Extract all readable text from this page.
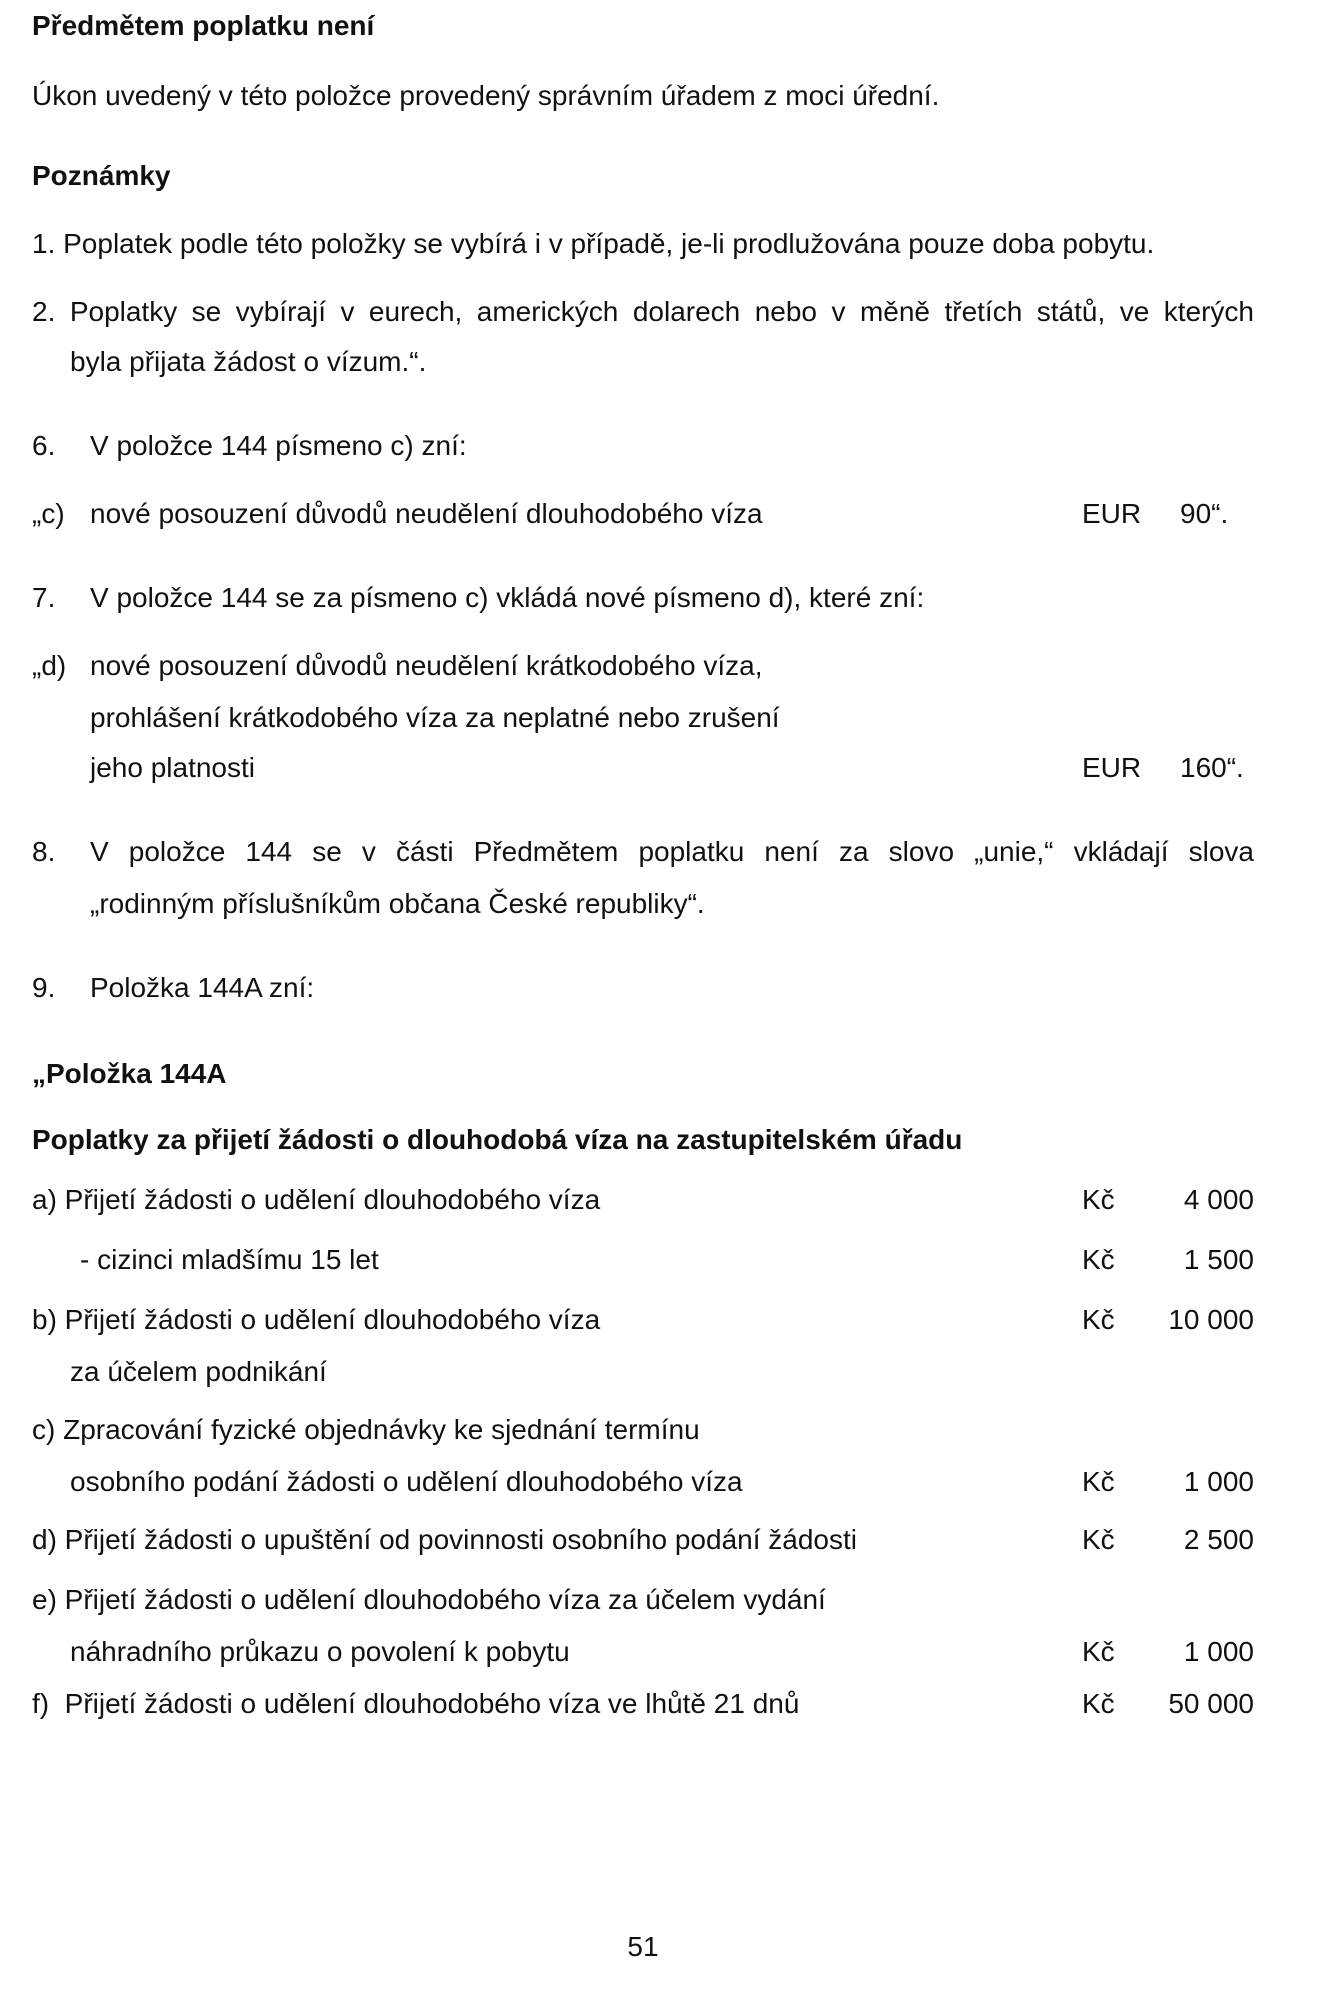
Předmětem poplatku není

Úkon uvedený v této položce provedený správním úřadem z moci úřední.

Poznámky

1. Poplatek podle této položky se vybírá i v případě, je-li prodlužována pouze doba pobytu.

2. Poplatky se vybírají v eurech, amerických dolarech nebo v měně třetích států, ve kterých

byla přijata žádost o vízum.“.

6. V položce 144 písmeno c) zní:

„c) nové posouzení důvodů neudělení dlouhodobého víza	EUR 90“.

7. V položce 144 se za písmeno c) vkládá nové písmeno d), které zní:

„d) nové posouzení důvodů neudělení krátkodobého víza,

prohlášení krátkodobého víza za neplatné nebo zrušení

jeho platnosti	EUR 160“.

8. V položce 144 se v části Předmětem poplatku není za slovo „unie,“ vkládají slova

„rodinným příslušníkům občana České republiky“.

9. Položka 144A zní:

„Položka 144A

Poplatky za přijetí žádosti o dlouhodobá víza na zastupitelském úřadu

a) Přijetí žádosti o udělení dlouhodobého víza	Kč 4 000

- cizinci mladšímu 15 let	Kč 1 500

b) Přijetí žádosti o udělení dlouhodobého víza	Kč 10 000

za účelem podnikání

c) Zpracování fyzické objednávky ke sjednání termínu

osobního podání žádosti o udělení dlouhodobého víza	Kč 1 000

d) Přijetí žádosti o upuštění od povinnosti osobního podání žádosti	Kč 2 500

e) Přijetí žádosti o udělení dlouhodobého víza za účelem vydání

náhradního průkazu o povolení k pobytu	Kč 1 000

f)  Přijetí žádosti o udělení dlouhodobého víza ve lhůtě 21 dnů	Kč 50 000

51
